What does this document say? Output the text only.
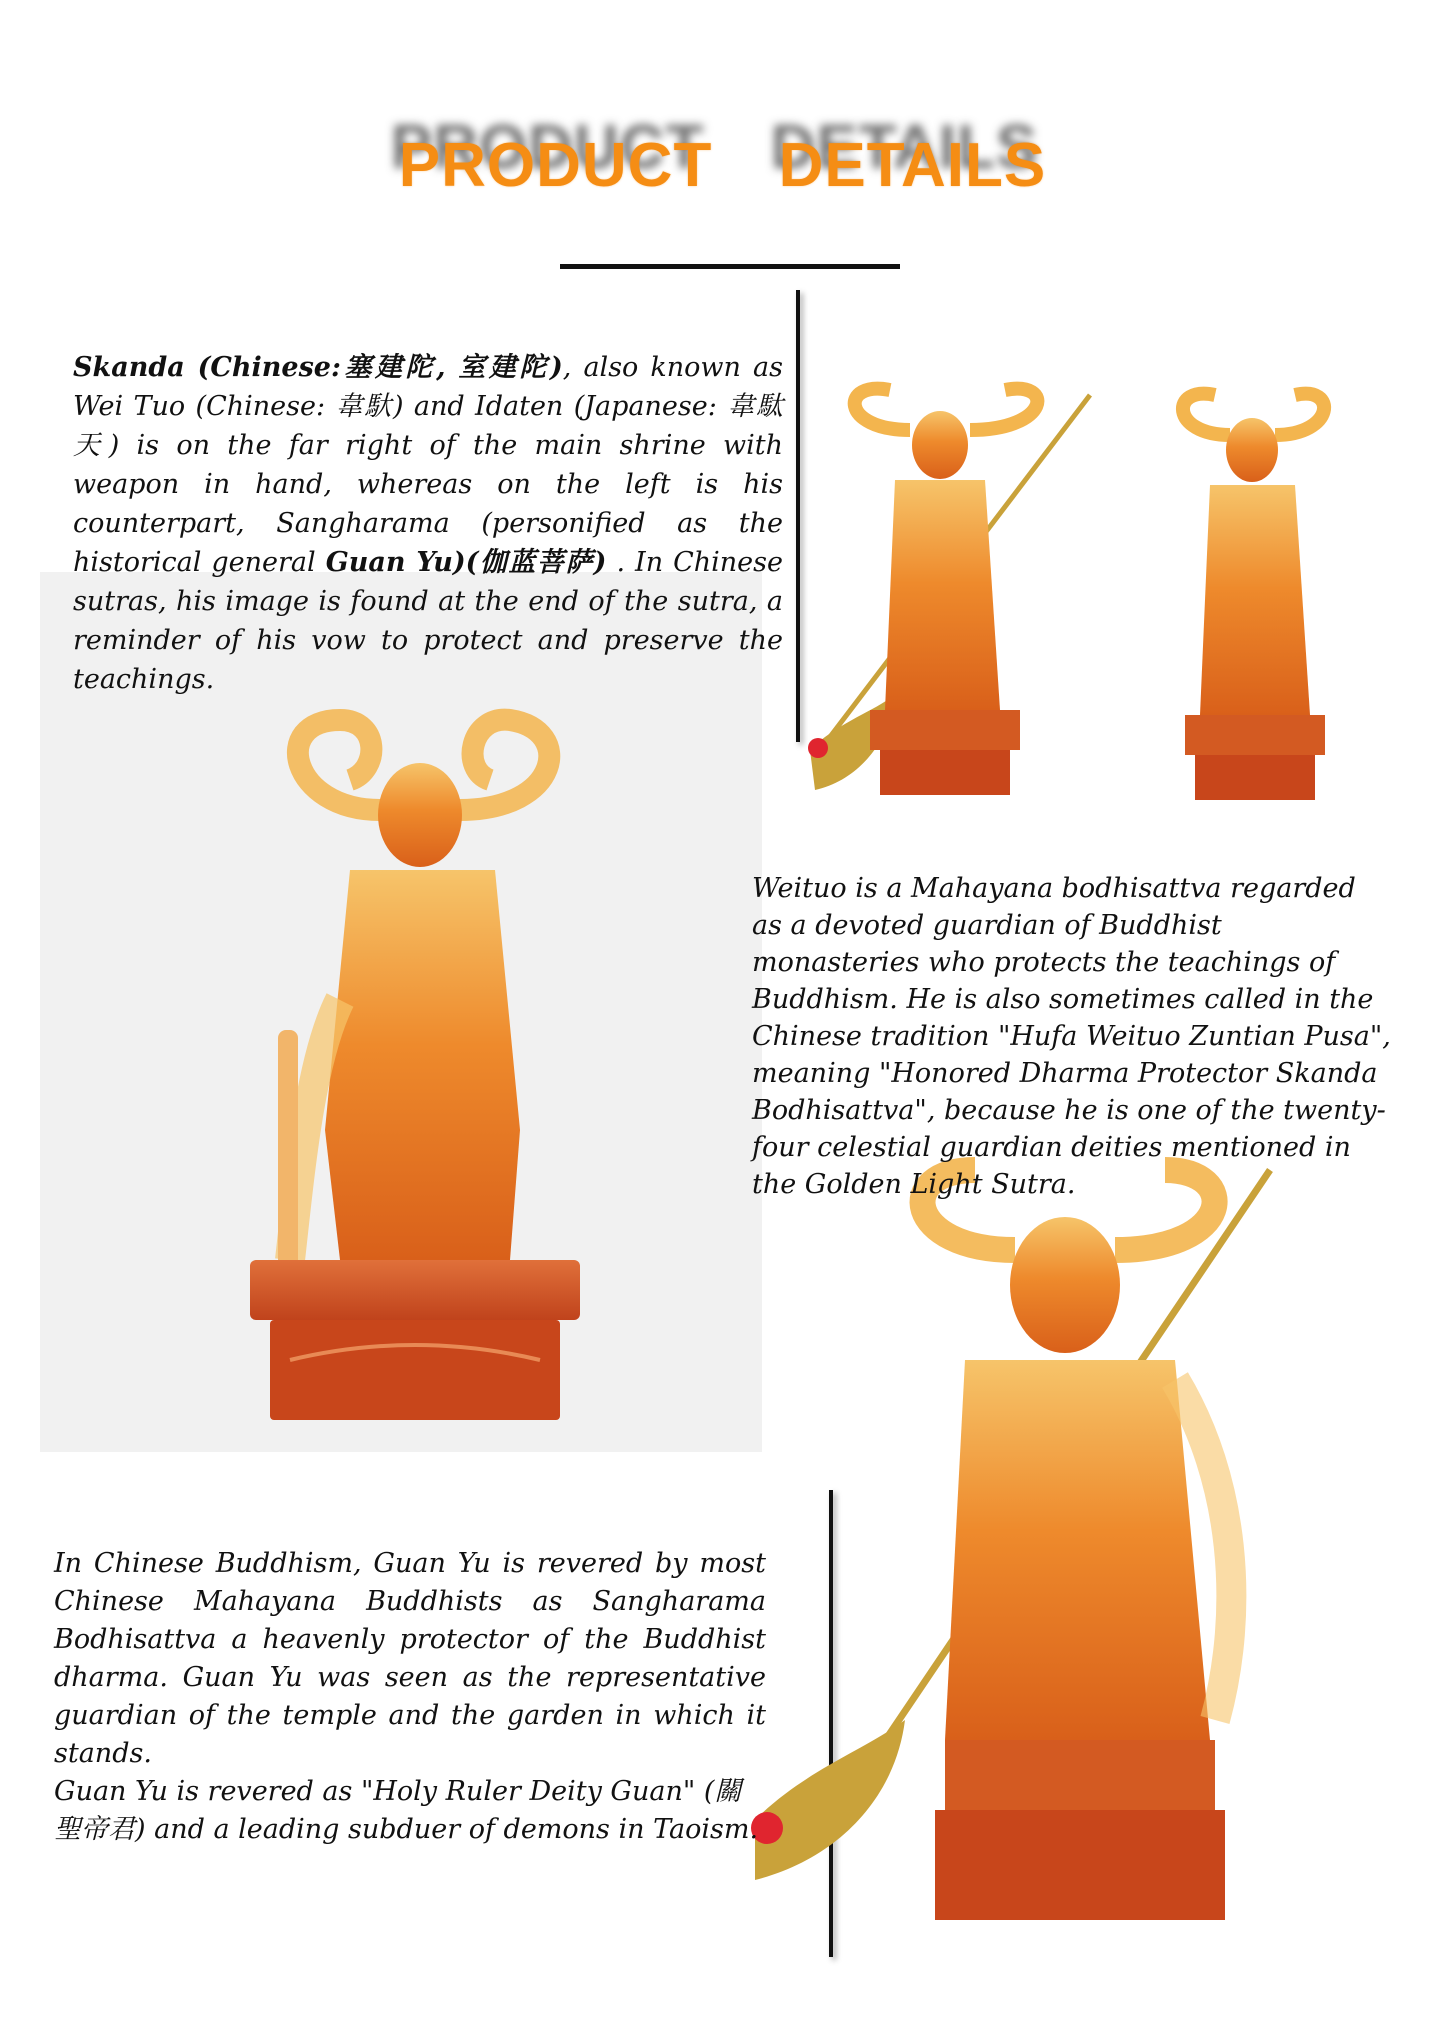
PRODUCT DETAILS

Skanda (Chinese:塞建陀, 室建陀), also known as Wei Tuo (Chinese: 韋馱) and Idaten (Japanese: 韋駄天) is on the far right of the main shrine with weapon in hand, whereas on the left is his counterpart, Sangharama (personified as the historical general Guan Yu)(伽蓝菩萨) . In Chinese sutras, his image is found at the end of the sutra, a reminder of his vow to protect and preserve the teachings.

Weituo is a Mahayana bodhisattva regarded as a devoted guardian of Buddhist monasteries who protects the teachings of Buddhism. He is also sometimes called in the Chinese tradition "Hufa Weituo Zuntian Pusa", meaning "Honored Dharma Protector Skanda Bodhisattva", because he is one of the twenty-four celestial guardian deities mentioned in the Golden Light Sutra.

In Chinese Buddhism, Guan Yu is revered by most Chinese Mahayana Buddhists as Sangharama Bodhisattva a heavenly protector of the Buddhist dharma. Guan Yu was seen as the representative guardian of the temple and the garden in which it stands.

Guan Yu is revered as "Holy Ruler Deity Guan" (關聖帝君) and a leading subduer of demons in Taoism.
